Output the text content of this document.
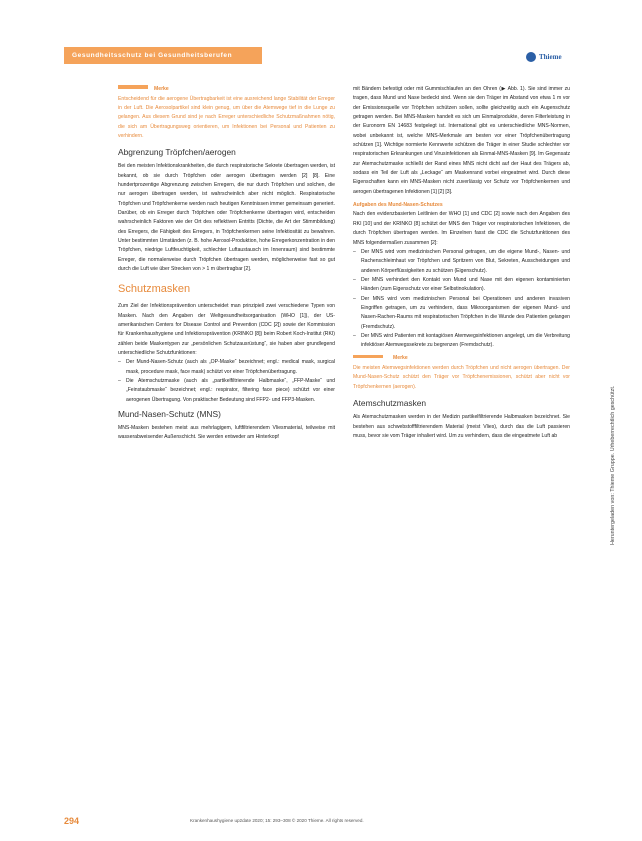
Gesundheitsschutz bei Gesundheitsberufen	Thieme
Merke

Entscheidend für die aerogene Übertragbarkeit ist eine ausreichend lange Stabilität der Erreger in der Luft. Die Aerosolpartikel sind klein genug, um über die Atemwege tief in die Lunge zu gelangen. Aus diesem Grund sind je nach Erreger unterschiedliche Schutzmaßnahmen nötig, die sich am Übertragungsweg orientieren, um Infektionen bei Personal und Patienten zu verhindern.

Abgrenzung Tröpfchen/aerogen

Bei den meisten Infektionskrankheiten, die durch respiratorische Sekrete übertragen werden, ist bekannt, ob sie durch Tröpfchen oder aerogen übertragen werden [2] [8]. Eine hundertprozentige Abgrenzung zwischen Erregern, die nur durch Tröpfchen und solchen, die nur aerogen übertragen werden, ist wahrscheinlich aber nicht möglich. Respiratorische Tröpfchen und Tröpfchenkerne werden nach heutigen Kenntnissen immer gemeinsam generiert. Darüber, ob ein Erreger durch Tröpfchen oder Tröpfchenkerne übertragen wird, entscheiden wahrscheinlich Faktoren wie der Ort des reflektiven Entritts (Dichte, die Art der Stimmbildung) des Erregers, die Fähigkeit des Erregers, in Tröpfchenkernen seine Infektiosität zu bewahren. Unter bestimmten Umständen (z. B. hohe Aerosol-Produktion, hohe Erregerkonzentration in den Tröpfchen, niedrige Luftfeuchtigkeit, schlechter Luftaustausch im Innenraum) sind bestimmte Erreger, die normalerweise durch Tröpfchen übertragen werden, möglicherweise fast so gut durch die Luft wie über Strecken von > 1 m übertragbar [2].

Schutzmasken

Zum Ziel der Infektionsprävention unterscheidet man prinzipiell zwei verschiedene Typen von Masken. Nach den Angaben der Weltgesundheitsorganisation (WHO [1]), der US-amerikanischen Centers for Disease Control and Prevention (CDC [2]) sowie der Kommission für Krankenhaushygiene und Infektionsprävention (KRINKO [8]) beim Robert Koch-Institut (RKI) zählen beide Maskentypen zur „persönlichen Schutzausrüstung“, sie haben aber grundlegend unterschiedliche Schutzfunktionen:

– Der Mund-Nasen-Schutz (auch als „OP-Maske“ bezeichnet; engl.: medical mask, surgical mask, procedure mask, face mask) schützt vor einer Tröpfchenübertragung.
– Die Atemschutzmaske (auch als „partikelfiltrierende Halbmaske“, „FFP-Maske“ und „Feinstaubmaske“ bezeichnet; engl.: respirator, filtering face piece) schützt vor einer aerogenen Übertragung. Von praktischer Bedeutung sind FFP2- und FFP3-Masken.
Mund-Nasen-Schutz (MNS)

MNS-Masken bestehen meist aus mehrlagigem, luftfiltrierendem Vliesmaterial, teilweise mit wasserabweisender Außenschicht. Sie werden entweder am Hinterkopf

mit Bändern befestigt oder mit Gummischlaufen an den Ohren (▶ Abb. 1). Sie sind immer zu tragen, dass Mund und Nase bedeckt sind. Wenn sie den Träger im Abstand von etwa 1 m vor der Emissionsquelle vor Tröpfchen schützen sollen, sollte gleichzeitig auch ein Augenschutz getragen werden. Bei MNS-Masken handelt es sich um Einmalprodukte, deren Filterleistung in der Euronorm EN 14683 festgelegt ist. International gibt es unterschiedliche MNS-Normen, wobei unbekannt ist, welche MNS-Merkmale am besten vor einer Tröpfchenübertragung schützen [1]. Wichtige normierte Kennwerte schützen die Träger in einer Studie schlechter vor respiratorischen Erkrankungen und Virusinfektionen als Einmal-MNS-Masken [9]. Im Gegensatz zur Atemschutzmaske schließt der Rand eines MNS nicht dicht auf der Haut des Trägers ab, sodass ein Teil der Luft als „Leckage“ am Maskenrand vorbei eingeatmet wird. Durch diese Eigenschaften kann ein MNS-Masken nicht zuverlässig vor Schutz vor Tröpfchenkernen und aerogen übertragenen Infektionen [1] [2] [3].

Aufgaben des Mund-Nasen-Schutzes

Nach den evidenzbasierten Leitlinien der WHO [1] und CDC [2] sowie nach den Angaben des RKI [10] und der KRINKO [8] schützt der MNS den Träger vor respiratorischen Infektionen, die durch Tröpfchen übertragen werden. Im Einzelnen fasst die CDC die Schutzfunktionen des MNS folgendermaßen zusammen [2]:

– Der MNS wird vom medizinischen Personal getragen, um die eigene Mund-, Nasen- und Rachenschleimhaut vor Tröpfchen und Spritzern von Blut, Sekreten, Ausscheidungen und anderen Körperflüssigkeiten zu schützen (Eigenschutz).
– Der MNS verhindert den Kontakt von Mund und Nase mit den eigenen kontaminierten Händen (zum Eigenschutz vor einer Selbstinokulation).
– Der MNS wird vom medizinischen Personal bei Operationen und anderen invasiven Eingriffen getragen, um zu verhindern, dass Mikroorganismen der eigenen Mund- und Nasen-Rachen-Raums mit respiratorischen Tröpfchen in die Wunde des Patienten gelangen (Fremdschutz).
– Der MNS wird Patienten mit kontagiösen Atemwegsinfektionen angelegt, um die Verbreitung infektiöser Atemwegssekrete zu begrenzen (Fremdschutz).
Merke

Die meisten Atemwegsinfektionen werden durch Tröpfchen und nicht aerogen übertragen. Der Mund-Nasen-Schutz schützt den Träger vor Tröpfchenemissionen, schützt aber nicht vor Tröpfchenkernen (aerogen).

Atemschutzmasken

Als Atemschutzmasken werden in der Medizin partikelfiltrierende Halbmasken bezeichnet. Sie bestehen aus schwebstofffiltrierendem Material (meist Vlies), durch das die Luft passieren muss, bevor sie vom Träger inhaliert wird. Um zu verhindern, dass die eingeatmete Luft ab	Heruntergeladen von: Thieme Gruppe. Urheberrechtlich geschützt.
294	Krankenhaushygiene up2date 2020; 15: 293–308 © 2020 Thieme. All rights reserved.
